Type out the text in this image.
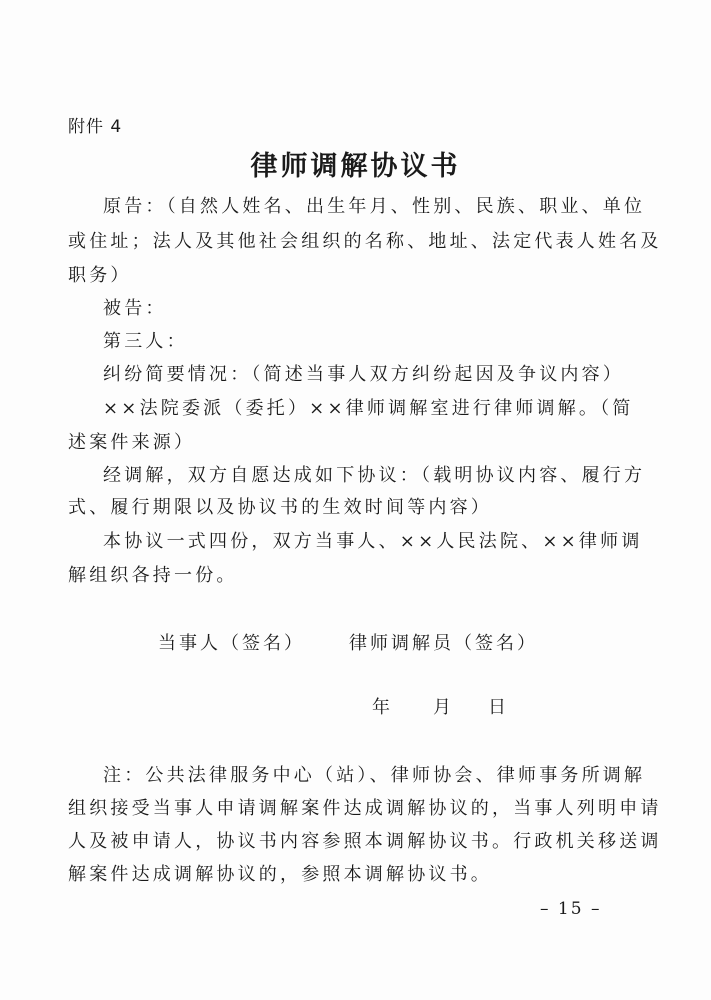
附件 4
律师调解协议书
原告：（自然人姓名、出生年月、性别、民族、职业、单位
或住址；法人及其他社会组织的名称、地址、法定代表人姓名及
职务）
被告：
第三人：
纠纷简要情况：（简述当事人双方纠纷起因及争议内容）
××法院委派（委托）××律师调解室进行律师调解。（简
述案件来源）
经调解，双方自愿达成如下协议：（载明协议内容、履行方
式、履行期限以及协议书的生效时间等内容）
本协议一式四份，双方当事人、××人民法院、××律师调
解组织各持一份。
当事人（签名） 律师调解员（签名）
年 月 日
注：公共法律服务中心（站）、律师协会、律师事务所调解
组织接受当事人申请调解案件达成调解协议的，当事人列明申请
人及被申请人，协议书内容参照本调解协议书。行政机关移送调
解案件达成调解协议的，参照本调解协议书。
– 15 –
